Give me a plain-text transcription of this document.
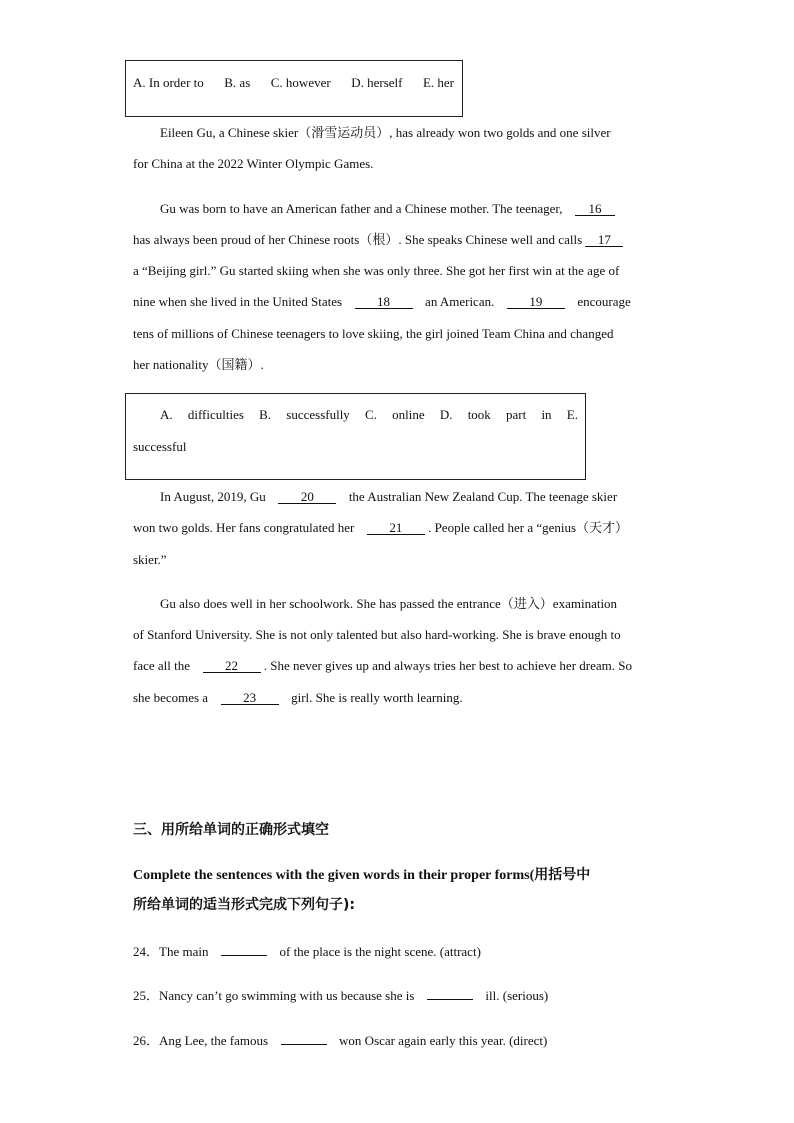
A. In order to B. as C. however D. herself E. her
Eileen Gu, a Chinese skier（滑雪运动员）, has already won two golds and one silver
for China at the 2022 Winter Olympic Games.
Gu was born to have an American father and a Chinese mother. The teenager, 16
has always been proud of her Chinese roots（根）. She speaks Chinese well and calls 17
a “Beijing girl.” Gu started skiing when she was only three. She got her first win at the age of
nine when she lived in the United States	18	an American.	19	encourage
tens of millions of Chinese teenagers to love skiing, the girl joined Team China and changed
her nationality（国籍）.
A. difficulties B. successfully C. online D. took part in E.
successful
In August, 2019, Gu	20	the Australian New Zealand Cup. The teenage skier
won two golds. Her fans congratulated her	21 . People called her a “genius（天才）
skier.”
Gu also does well in her schoolwork. She has passed the entrance（进入）examination
of Stanford University. She is not only talented but also hard-working. She is brave enough to
face all the	22 . She never gives up and always tries her best to achieve her dream. So
she becomes a	23	girl. She is really worth learning.
三、用所给单词的正确形式填空
Complete the sentences with the given words in their proper forms(用括号中
所给单词的适当形式完成下列句子):
24．The main	of the place is the night scene. (attract)
25．Nancy can’t go swimming with us because she is	ill. (serious)
26．Ang Lee, the famous	won Oscar again early this year. (direct)
